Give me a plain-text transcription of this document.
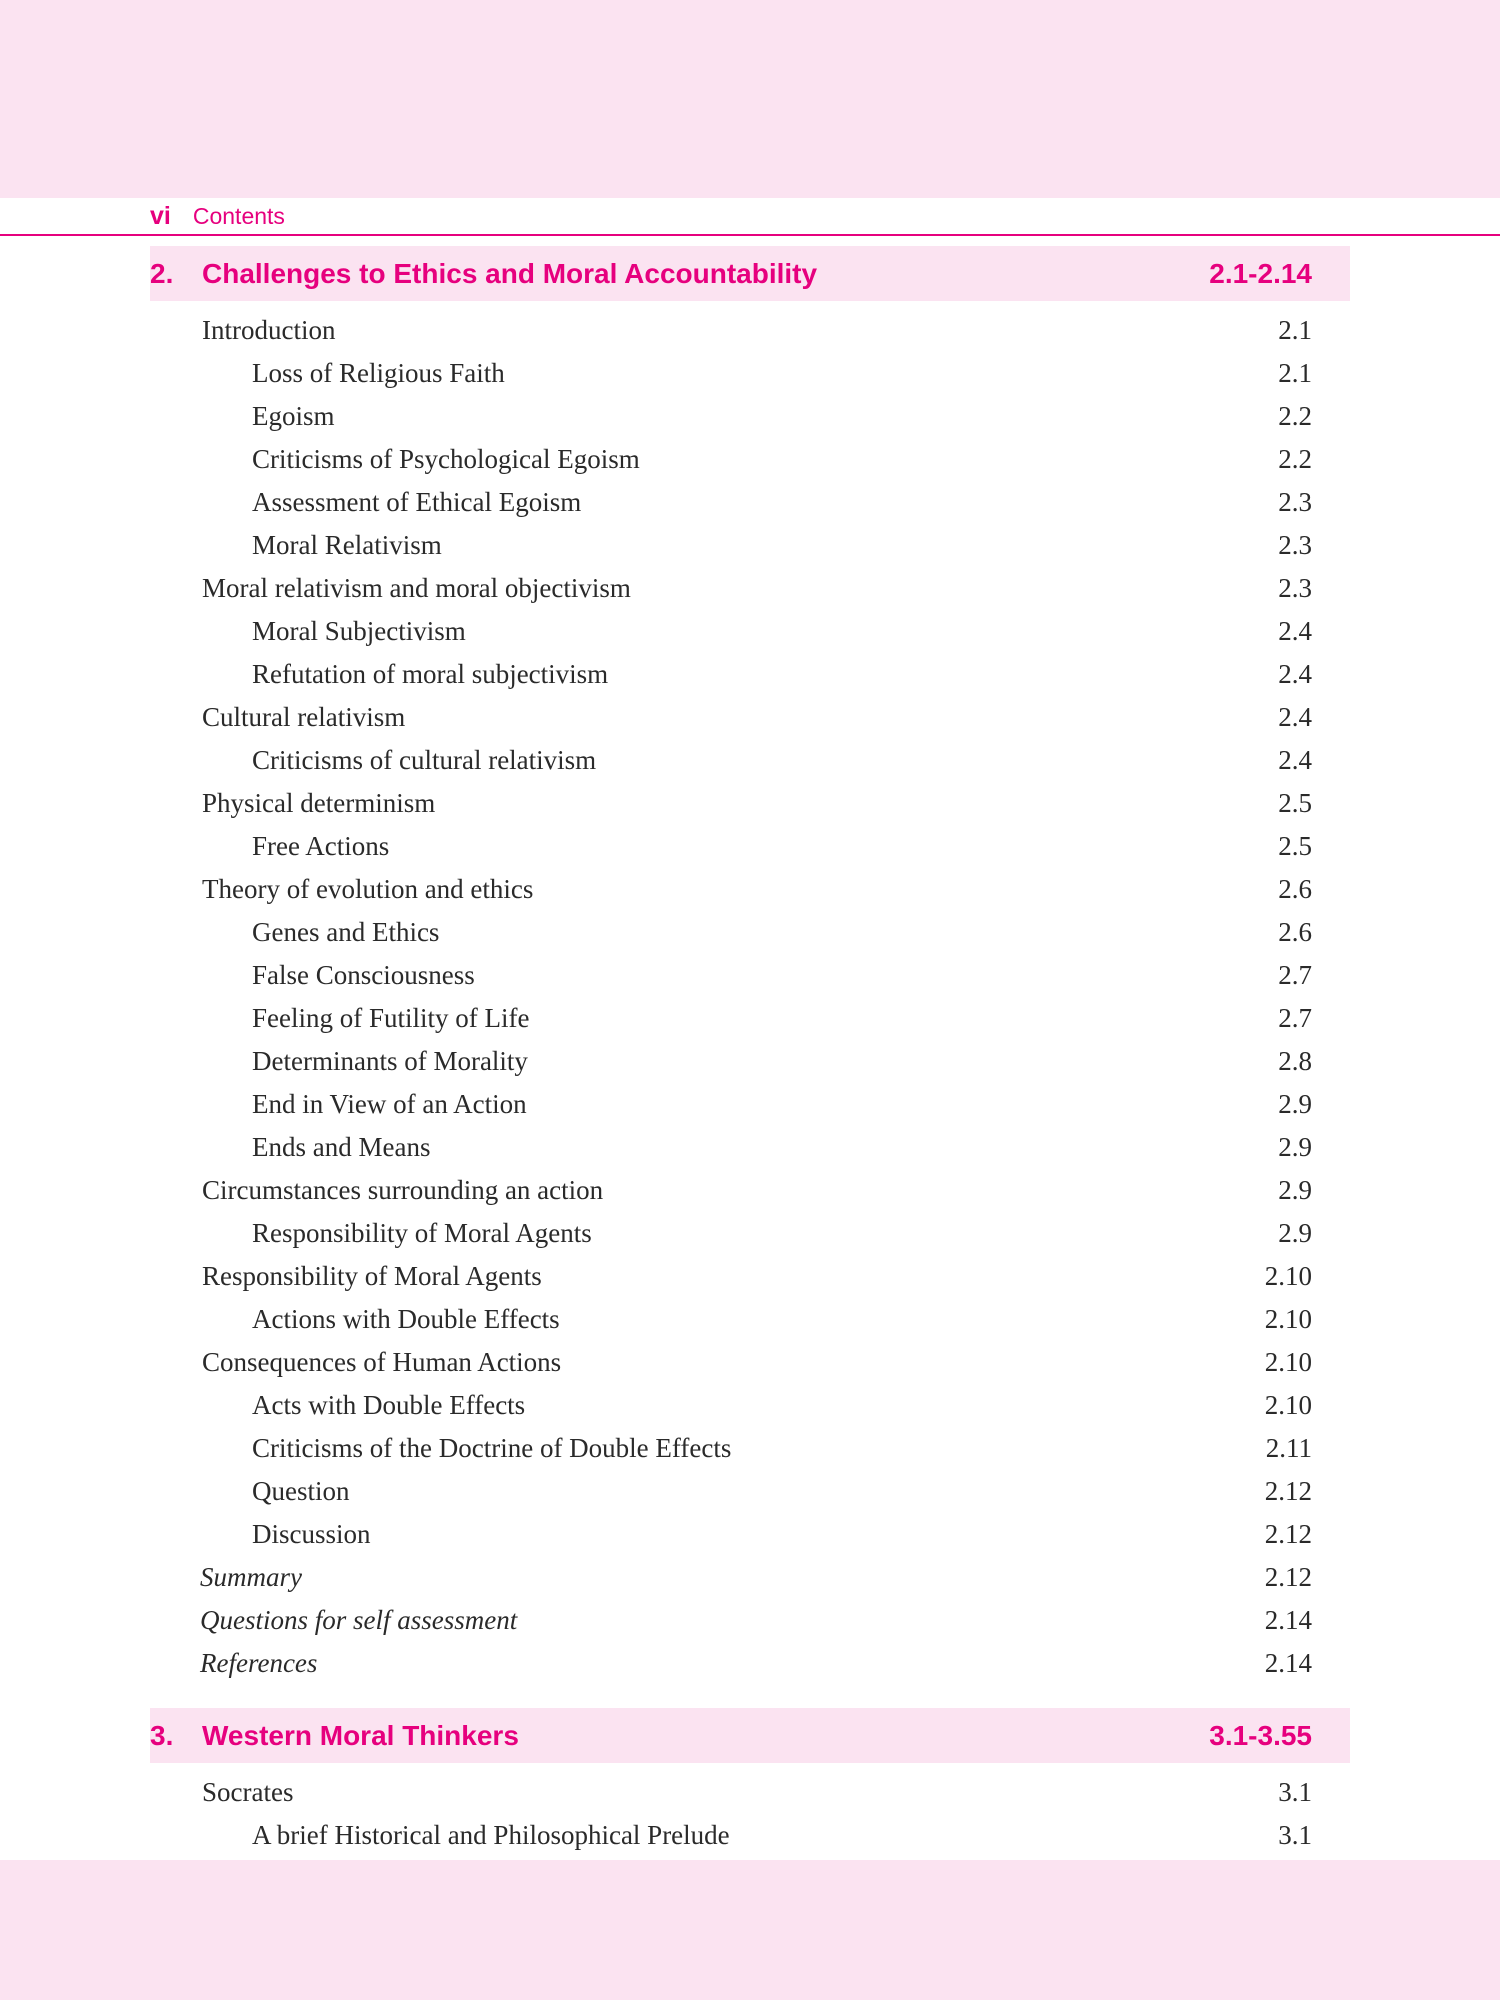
vi Contents
2.	Challenges to Ethics and Moral Accountability	2.1-2.14
Introduction	2.1
Loss of Religious Faith	2.1
Egoism	2.2
Criticisms of Psychological Egoism	2.2
Assessment of Ethical Egoism	2.3
Moral Relativism	2.3
Moral relativism and moral objectivism	2.3
Moral Subjectivism	2.4
Refutation of moral subjectivism	2.4
Cultural relativism	2.4
Criticisms of cultural relativism	2.4
Physical determinism	2.5
Free Actions	2.5
Theory of evolution and ethics	2.6
Genes and Ethics	2.6
False Consciousness	2.7
Feeling of Futility of Life	2.7
Determinants of Morality	2.8
End in View of an Action	2.9
Ends and Means	2.9
Circumstances surrounding an action	2.9
Responsibility of Moral Agents	2.9
Responsibility of Moral Agents	2.10
Actions with Double Effects	2.10
Consequences of Human Actions	2.10
Acts with Double Effects	2.10
Criticisms of the Doctrine of Double Effects	2.11
Question	2.12
Discussion	2.12
Summary	2.12
Questions for self assessment	2.14
References	2.14
3.	Western Moral Thinkers	3.1-3.55
Socrates	3.1
A brief Historical and Philosophical Prelude	3.1
